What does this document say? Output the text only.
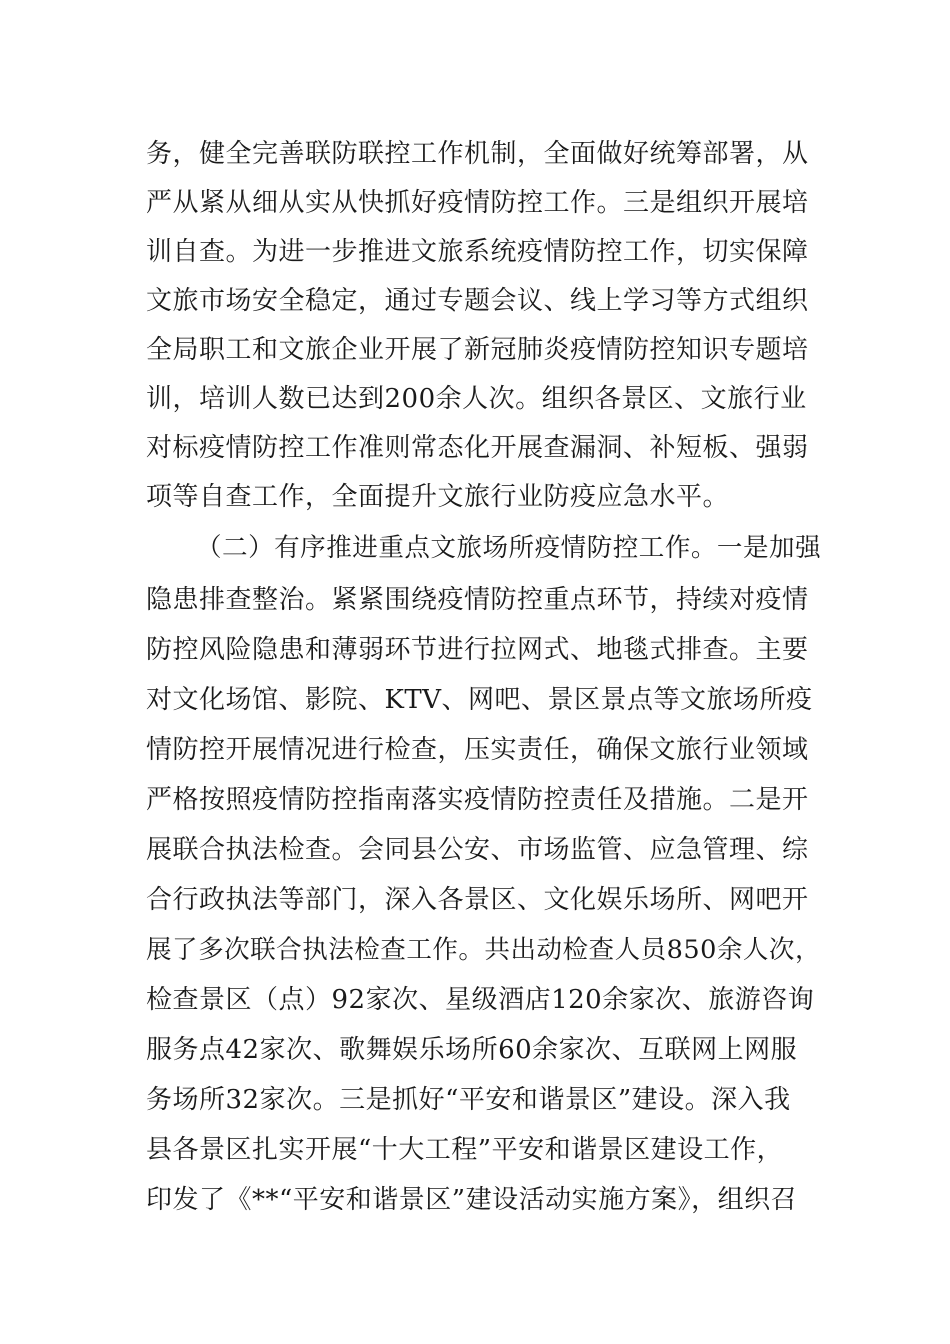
务，健全完善联防联控工作机制，全面做好统筹部署，从
严从紧从细从实从快抓好疫情防控工作。三是组织开展培
训自查。为进一步推进文旅系统疫情防控工作，切实保障
文旅市场安全稳定，通过专题会议、线上学习等方式组织
全局职工和文旅企业开展了新冠肺炎疫情防控知识专题培
训，培训人数已达到200余人次。组织各景区、文旅行业
对标疫情防控工作准则常态化开展查漏洞、补短板、强弱
项等自查工作，全面提升文旅行业防疫应急水平。
（二）有序推进重点文旅场所疫情防控工作。一是加强
隐患排查整治。紧紧围绕疫情防控重点环节，持续对疫情
防控风险隐患和薄弱环节进行拉网式、地毯式排查。主要
对文化场馆、影院、KTV、网吧、景区景点等文旅场所疫
情防控开展情况进行检查，压实责任，确保文旅行业领域
严格按照疫情防控指南落实疫情防控责任及措施。二是开
展联合执法检查。会同县公安、市场监管、应急管理、综
合行政执法等部门，深入各景区、文化娱乐场所、网吧开
展了多次联合执法检查工作。共出动检查人员850余人次，
检查景区（点）92家次、星级酒店120余家次、旅游咨询
服务点42家次、歌舞娱乐场所60余家次、互联网上网服
务场所32家次。三是抓好“平安和谐景区”建设。深入我
县各景区扎实开展“十大工程”平安和谐景区建设工作，
印发了《**“平安和谐景区”建设活动实施方案》，组织召
